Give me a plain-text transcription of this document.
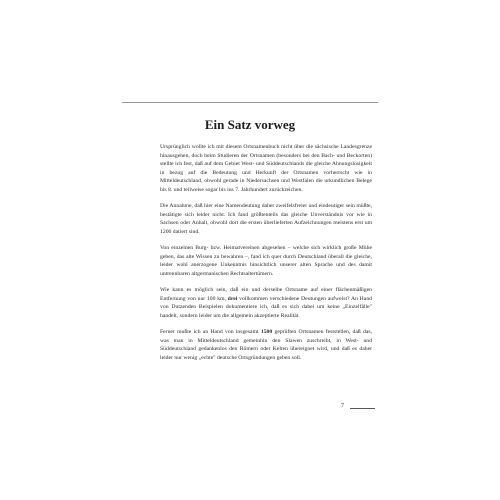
Ein Satz vorweg

Ursprünglich wollte ich mit diesem Ortsnamenbuch nicht über die sächsische Landesgrenze hinausgehen, doch beim Studieren der Ortsnamen (besonders bei den Bach- und Beckorten) stellte ich fest, daß auf dem Gebiet West- und Süddeutschlands die gleiche Ahnungslosigkeit in bezug auf die Bedeutung und Herkunft der Ortsnamen vorherrscht wie in Mitteldeutschland, obwohl gerade in Niedersachsen und Westfalen die urkundlichen Belege bis 8. und teilweise sogar bis ins 7. Jahrhundert zurückreichen.

Die Annahme, daß hier eine Namendeutung daher zweifelsfreier und eindeutiger sein müßte, bestätigte sich leider nicht. Ich fand größtenteils das gleiche Unverständnis vor wie in Sachsen oder Anhalt, obwohl dort die ersten überlieferten Aufzeichnungen meistens erst um 1200 datiert sind.

Von einzelnen Burg- bzw. Heimatvereinen abgesehen – welche sich wirklich große Mühe geben, das alte Wissen zu bewahren –, fand ich quer durch Deutschland überall die gleiche, leider wohl anerzogene Unkenntnis hinsichtlich unserer alten Sprache und des damit untrennbaren altgermanischen Rechtsaltertümern.

Wie kann es möglich sein, daß ein und derselbe Ortsname auf einer flächenmäßigen Entfernung von nur 100 km, drei vollkommen verschiedene Deutungen aufweist? An Hand von Dutzenden Beispielen dokumentiere ich, daß es sich dabei um keine „Einzelfälle" handelt, sondern leider um die allgemein akzeptierte Realität.

Ferner mußte ich an Hand von insgesamt 1500 geprüften Ortsnamen feststellen, daß das, was man in Mitteldeutschland gemeinhin den Slawen zuschreibt, in West- und Süddeutschland gedankenlos den Römern oder Kelten übereignet wird, und daß es daher leider nur wenig „echte" deutsche Ortsgründungen geben soll.

7
